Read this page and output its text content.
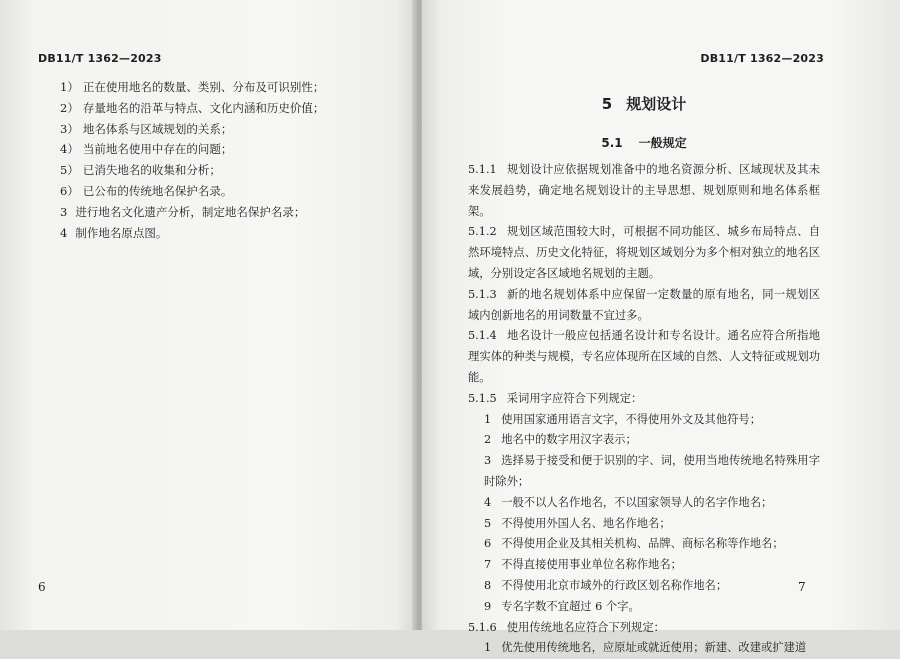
DB11/T 1362—2023
1） 正在使用地名的数量、类别、分布及可识别性；
2） 存量地名的沿革与特点、文化内涵和历史价值；
3） 地名体系与区域规划的关系；
4） 当前地名使用中存在的问题；
5） 已消失地名的收集和分析；
6） 已公布的传统地名保护名录。
3 进行地名文化遗产分析，制定地名保护名录；
4 制作地名原点图。
6
DB11/T 1362—2023
5 规划设计
5.1 一般规定
5.1.1 规划设计应依据规划准备中的地名资源分析、区域现状及其未来发展趋势，确定地名规划设计的主导思想、规划原则和地名体系框架。
5.1.2 规划区域范围较大时，可根据不同功能区、城乡布局特点、自然环境特点、历史文化特征，将规划区域划分为多个相对独立的地名区域，分别设定各区域地名规划的主题。
5.1.3 新的地名规划体系中应保留一定数量的原有地名，同一规划区域内创新地名的用词数量不宜过多。
5.1.4 地名设计一般应包括通名设计和专名设计。通名应符合所指地理实体的种类与规模，专名应体现所在区域的自然、人文特征或规划功能。
5.1.5 采词用字应符合下列规定：
1 使用国家通用语言文字，不得使用外文及其他符号；
2 地名中的数字用汉字表示；
3 选择易于接受和便于识别的字、词，使用当地传统地名特殊用字时除外；
4 一般不以人名作地名，不以国家领导人的名字作地名；
5 不得使用外国人名、地名作地名；
6 不得使用企业及其相关机构、品牌、商标名称等作地名；
7 不得直接使用事业单位名称作地名；
8 不得使用北京市域外的行政区划名称作地名；
9 专名字数不宜超过 6 个字。
5.1.6 使用传统地名应符合下列规定：
1 优先使用传统地名，应原址或就近使用；新建、改建或扩建道
7
